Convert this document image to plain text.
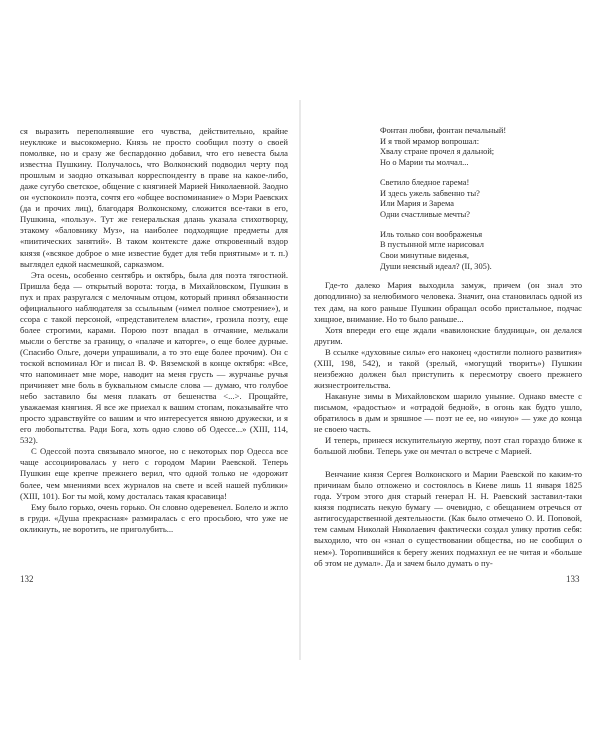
ся выразить переполнявшие его чувства, действительно, крайне неуклюже и высокомерно. Князь не просто сообщил поэту о своей помолвке, но и сразу же беспардонно добавил, что его невеста была известна Пушкину. Получалось, что Волконский подводил черту под прошлым и заодно отказывал корреспонденту в праве на какое-либо, даже сугубо светское, общение с княгиней Марией Николаевной. Заодно он «успокоил» поэта, сочтя его «общее воспоминание» о Мэри Раевских (да и прочих лиц), благодаря Волконскому, сложится все-таки в его, Пушкина, «пользу». Тут же генеральская длань указала стихотворцу, этакому «баловнику Муз», на наиболее подходящие предметы для «пиитических занятий». В таком контексте даже откровенный вздор князя («всякое доброе о мне известие будет для тебя приятным» и т. п.) выглядел едкой насмешкой, сарказмом.

Эта осень, особенно сентябрь и октябрь, была для поэта тягостной. Пришла беда — открытый ворота: тогда, в Михайловском, Пушкин в пух и прах разругался с мелочным отцом, который принял обязанности официального наблюдателя за ссыльным («имел полное смотрение»), и ссора с такой персоной, «представителем власти», грозила поэту, еще более строгими, карами. Порою поэт впадал в отчаяние, мелькали мысли о бегстве за границу, о «палаче и каторге», о еще более дурные. (Спасибо Ольге, дочери упрашивали, а то это еще более прочим). Он с тоской вспоминал Юг и писал В. Ф. Вяземской в конце октября: «Все, что напоминает мне море, наводит на меня грусть — журчанье ручья причиняет мне боль в буквальном смысле слова — думаю, что голубое небо заставило бы меня плакать от бешенства <...>. Прощайте, уважаемая княгиня. Я все же приехал к вашим стопам, показывайте что просто здравствуйте со вашим и что интересуется явною дружески, и я его любопытства. Ради Бога, хоть одно слово об Одессе...» (XIII, 114, 532).

С Одессой поэта связывало многое, но с некоторых пор Одесса все чаще ассоциировалась у него с городом Марии Раевской. Теперь Пушкин еще крепче прежнего верил, что одной только не «дорожит более, чем мнениями всех журналов на свете и всей нашей публики» (XIII, 101). Бог ты мой, кому досталась такая красавица!

Ему было горько, очень горько. Он словно одеревенел. Болело и жгло в груди. «Душа прекрасная» размиралась с его просьбою, что уже не окликнуть, не воротить, не приголубить...

Фонтан любви, фонтан печальный!
И я твой мрамор вопрошал:
Хвалу стране прочел я дальной;
Но о Марии ты молчал...
Светило бледное гарема!
И здесь ужель забвенно ты?
Или Мария и Зарема
Одни счастливые мечты?
Иль только сон воображенья
В пустынной мгле нарисовал
Свои минутные виденья,
Души неясный идеал? (II, 305).

Где-то далеко Мария выходила замуж, причем (он знал это доподлинно) за нелюбимого человека. Значит, она становилась одной из тех дам, на кого раньше Пушкин обращал особо пристальное, подчас хищное, внимание. Но то было раньше...

Хотя впереди его еще ждали «вавилонские блудницы», он делался другим.

В ссылке «духовные силы» его наконец «достигли полного развития» (XIII, 198, 542), и такой (зрелый, «могущий творить») Пушкин неизбежно должен был приступить к пересмотру своего прежнего жизнестроительства.

Накануне зимы в Михайловском шарило уныние. Однако вместе с письмом, «радостью» и «отрадой бедной», в огонь как будто ушло, обратилось в дым и зряшное — поэт не ее, но «иную» — уже до конца не своею часть.

И теперь, принеся искупительную жертву, поэт стал гораздо ближе к большой любви. Теперь уже он мечтал о встрече с Марией.

Венчание князя Сергея Волконского и Марии Раевской по каким-то причинам было отложено и состоялось в Киеве лишь 11 января 1825 года. Утром этого дня старый генерал Н. Н. Раевский заставил-таки князя подписать некую бумагу — очевидно, с обещанием отречься от антигосударственной деятельности. (Как было отмечено О. И. Поповой, тем самым Николай Николаевич фактически создал улику против себя: выходило, что он «знал о существовании общества, но не сообщил о нем»). Торопившийся к берегу жених подмахнул ее не читая и «больше об этом не думал». Да и зачем было думать о пу-

132	133
